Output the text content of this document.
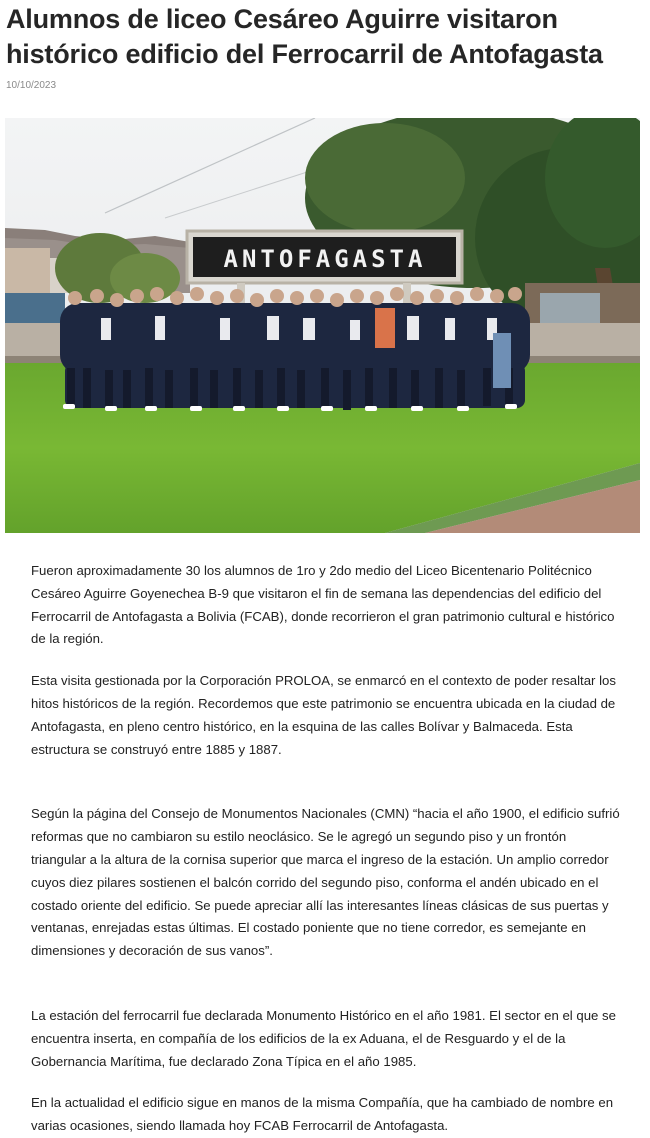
Alumnos de liceo Cesáreo Aguirre visitaron histórico edificio del Ferrocarril de Antofagasta
10/10/2023
ANTOFAGASTA

Fueron aproximadamente 30 los alumnos de 1ro y 2do medio del Liceo Bicentenario Politécnico Cesáreo Aguirre Goyenechea B-9 que visitaron el fin de semana las dependencias del edificio del Ferrocarril de Antofagasta a Bolivia (FCAB), donde recorrieron el gran patrimonio cultural e histórico de la región.

Esta visita gestionada por la Corporación PROLOA, se enmarcó en el contexto de poder resaltar los hitos históricos de la región. Recordemos que este patrimonio se encuentra ubicada en la ciudad de Antofagasta, en pleno centro histórico, en la esquina de las calles Bolívar y Balmaceda. Esta estructura se construyó entre 1885 y 1887.

Según la página del Consejo de Monumentos Nacionales (CMN) “hacia el año 1900, el edificio sufrió reformas que no cambiaron su estilo neoclásico. Se le agregó un segundo piso y un frontón triangular a la altura de la cornisa superior que marca el ingreso de la estación. Un amplio corredor cuyos diez pilares sostienen el balcón corrido del segundo piso, conforma el andén ubicado en el costado oriente del edificio. Se puede apreciar allí las interesantes líneas clásicas de sus puertas y ventanas, enrejadas estas últimas. El costado poniente que no tiene corredor, es semejante en dimensiones y decoración de sus vanos”.

La estación del ferrocarril fue declarada Monumento Histórico en el año 1981. El sector en el que se encuentra inserta, en compañía de los edificios de la ex Aduana, el de Resguardo y el de la Gobernancia Marítima, fue declarado Zona Típica en el año 1985.

En la actualidad el edificio sigue en manos de la misma Compañía, que ha cambiado de nombre en varias ocasiones, siendo llamada hoy FCAB Ferrocarril de Antofagasta.
